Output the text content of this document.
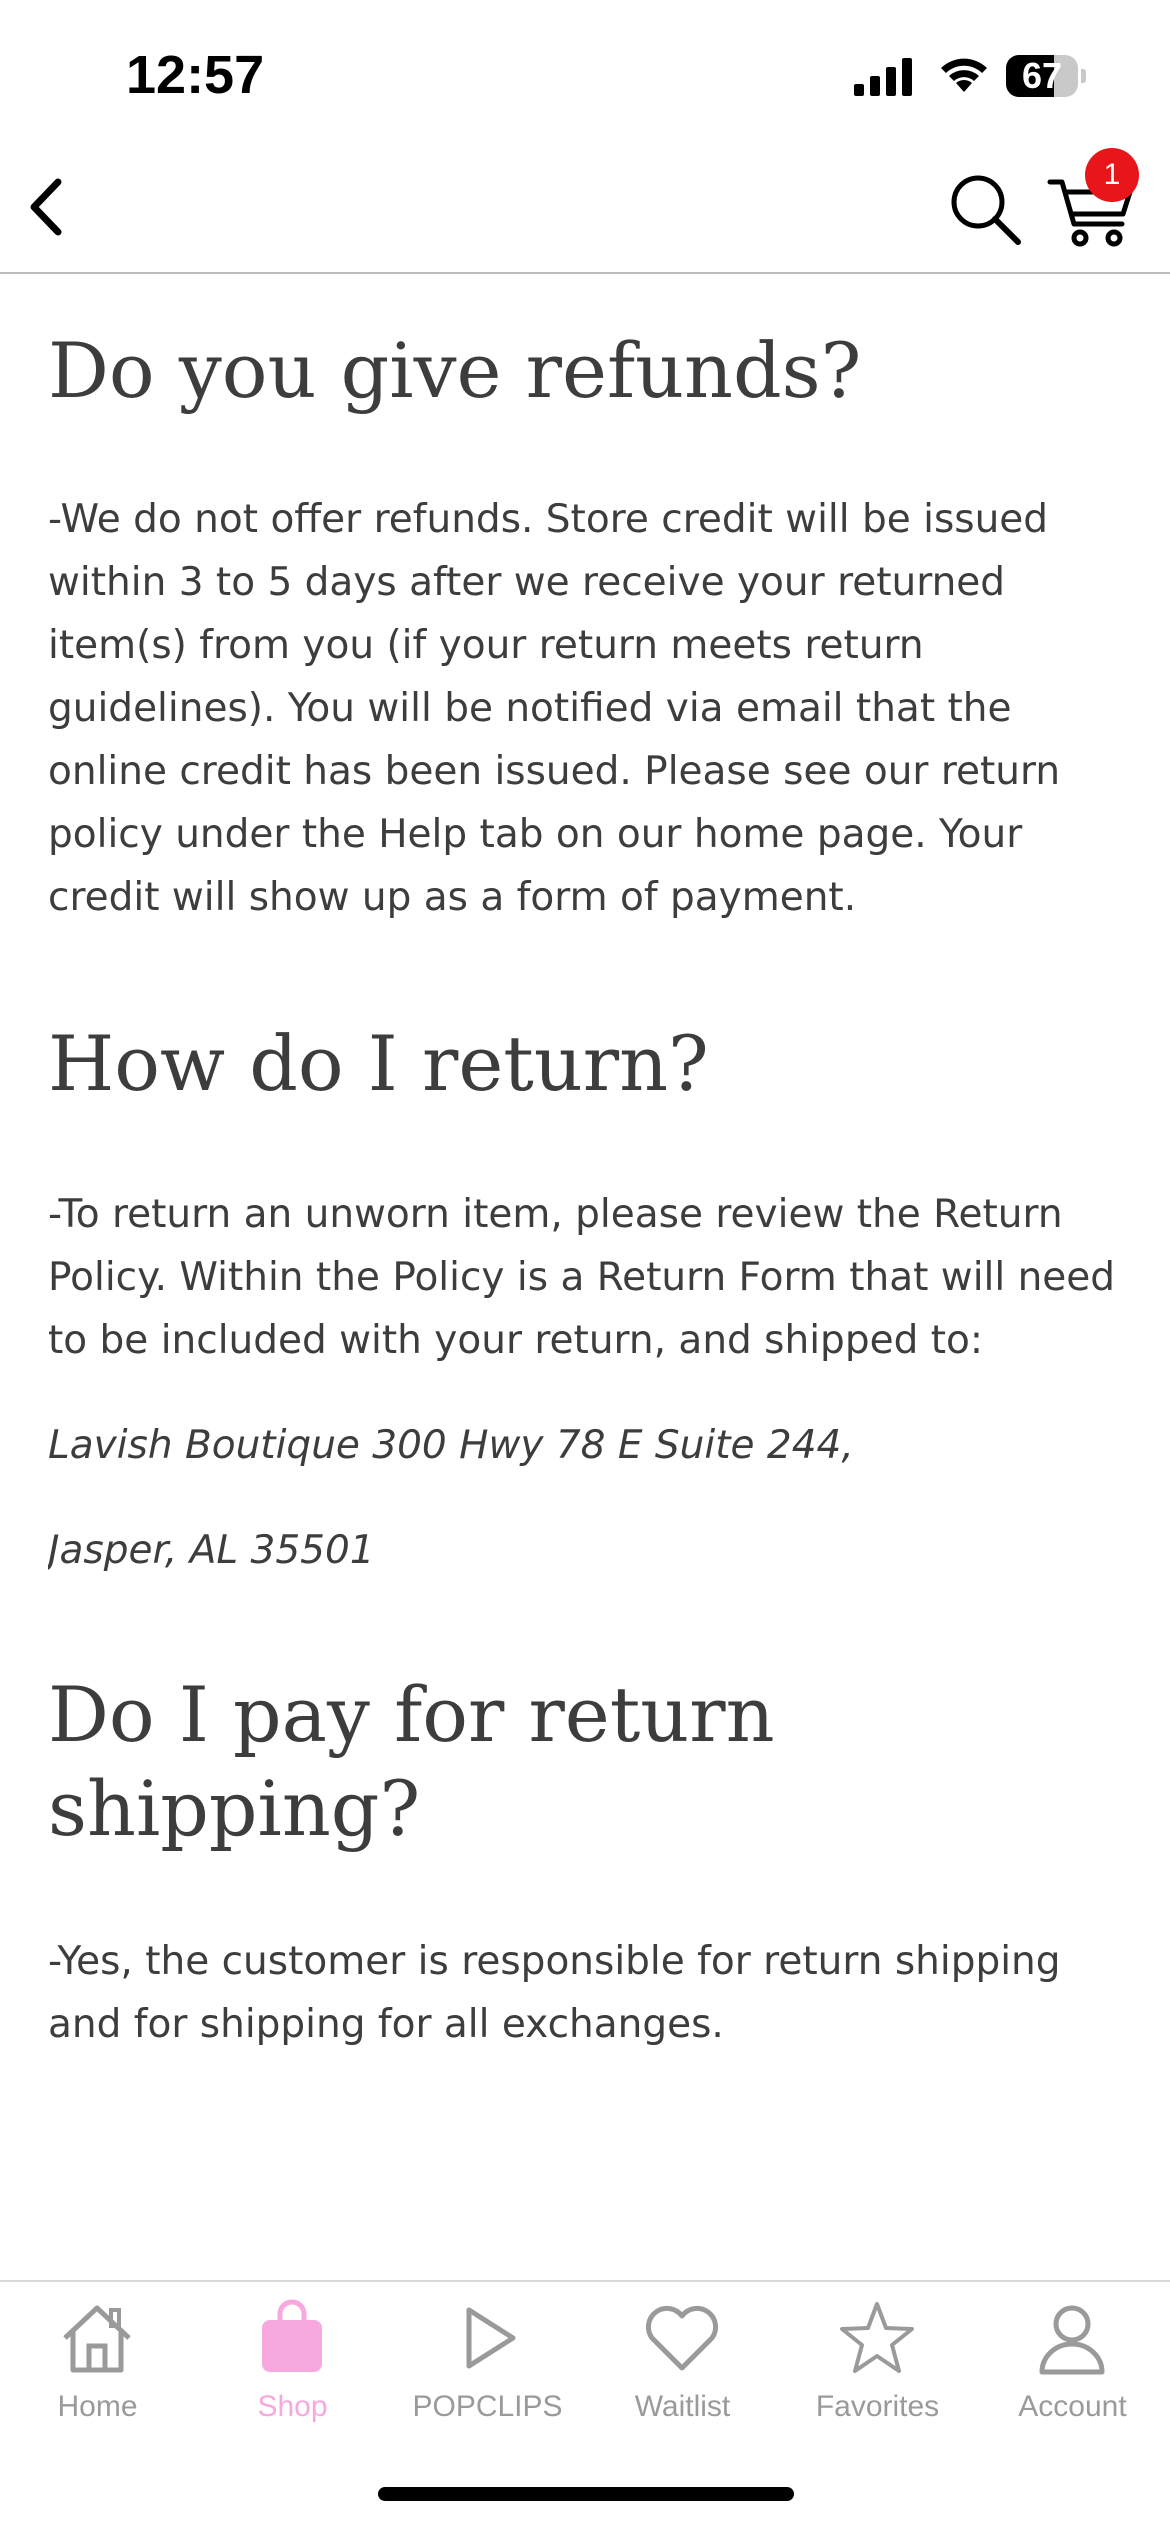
12:57	67
1
Do you give refunds?

-We do not offer refunds. Store credit will be issued within 3 to 5 days after we receive your returned item(s) from you (if your return meets return guidelines). You will be notified via email that the online credit has been issued. Please see our return policy under the Help tab on our home page. Your credit will show up as a form of payment.

How do I return?

-To return an unworn item, please review the Return Policy. Within the Policy is a Return Form that will need to be included with your return, and shipped to:

Lavish Boutique 300 Hwy 78 E Suite 244,

Jasper, AL 35501

Do I pay for return shipping?

-Yes, the customer is responsible for return shipping and for shipping for all exchanges.

Home	Shop	POPCLIPS	Waitlist	Favorites	Account
